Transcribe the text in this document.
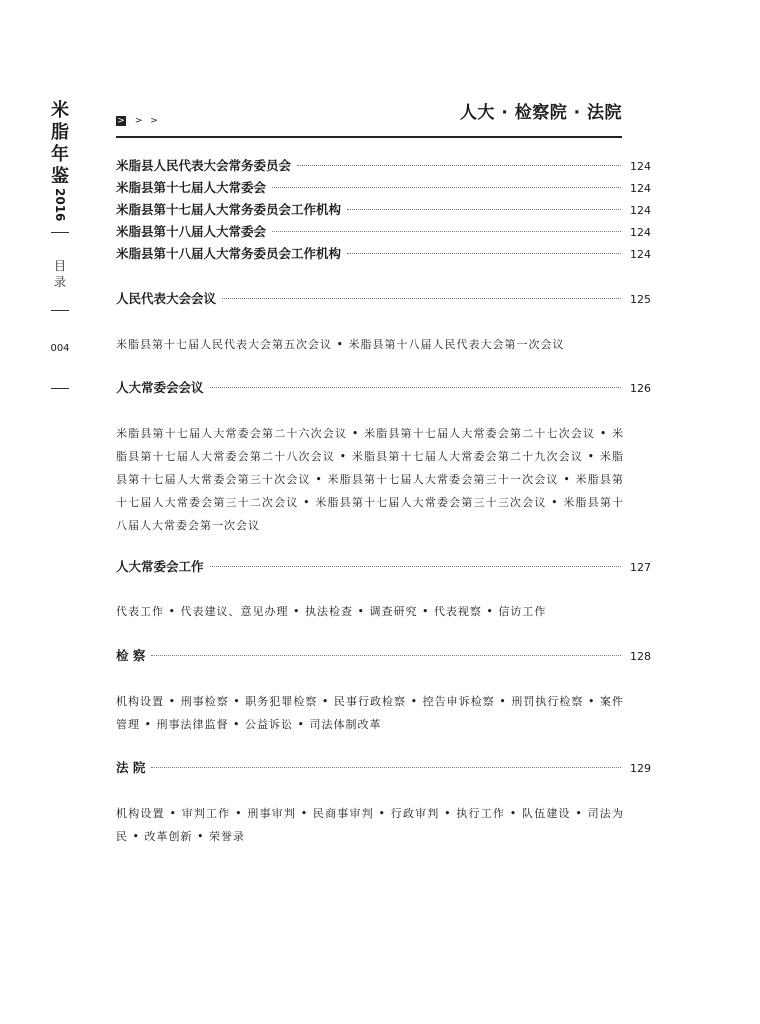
米
脂
年
鉴
2016
目
录
004
人大 · 检察院 · 法院
> > >
米脂县人民代表大会常务委员会	124
米脂县第十七届人大常委会	124
米脂县第十七届人大常务委员会工作机构	124
米脂县第十八届人大常委会	124
米脂县第十八届人大常务委员会工作机构	124
人民代表大会会议	125
米脂县第十七届人民代表大会第五次会议 • 米脂县第十八届人民代表大会第一次会议
人大常委会会议	126
米脂县第十七届人大常委会第二十六次会议 • 米脂县第十七届人大常委会第二十七次会议 • 米脂县第十七届人大常委会第二十八次会议 • 米脂县第十七届人大常委会第二十九次会议 • 米脂县第十七届人大常委会第三十次会议 • 米脂县第十七届人大常委会第三十一次会议 • 米脂县第十七届人大常委会第三十二次会议 • 米脂县第十七届人大常委会第三十三次会议 • 米脂县第十八届人大常委会第一次会议
人大常委会工作	127
代表工作 • 代表建议、意见办理 • 执法检查 • 调查研究 • 代表视察 • 信访工作
检 察	128
机构设置 • 刑事检察 • 职务犯罪检察 • 民事行政检察 • 控告申诉检察 • 刑罚执行检察 • 案件管理 • 刑事法律监督 • 公益诉讼 • 司法体制改革
法 院	129
机构设置 • 审判工作 • 刑事审判 • 民商事审判 • 行政审判 • 执行工作 • 队伍建设 • 司法为民 • 改革创新 • 荣誉录
